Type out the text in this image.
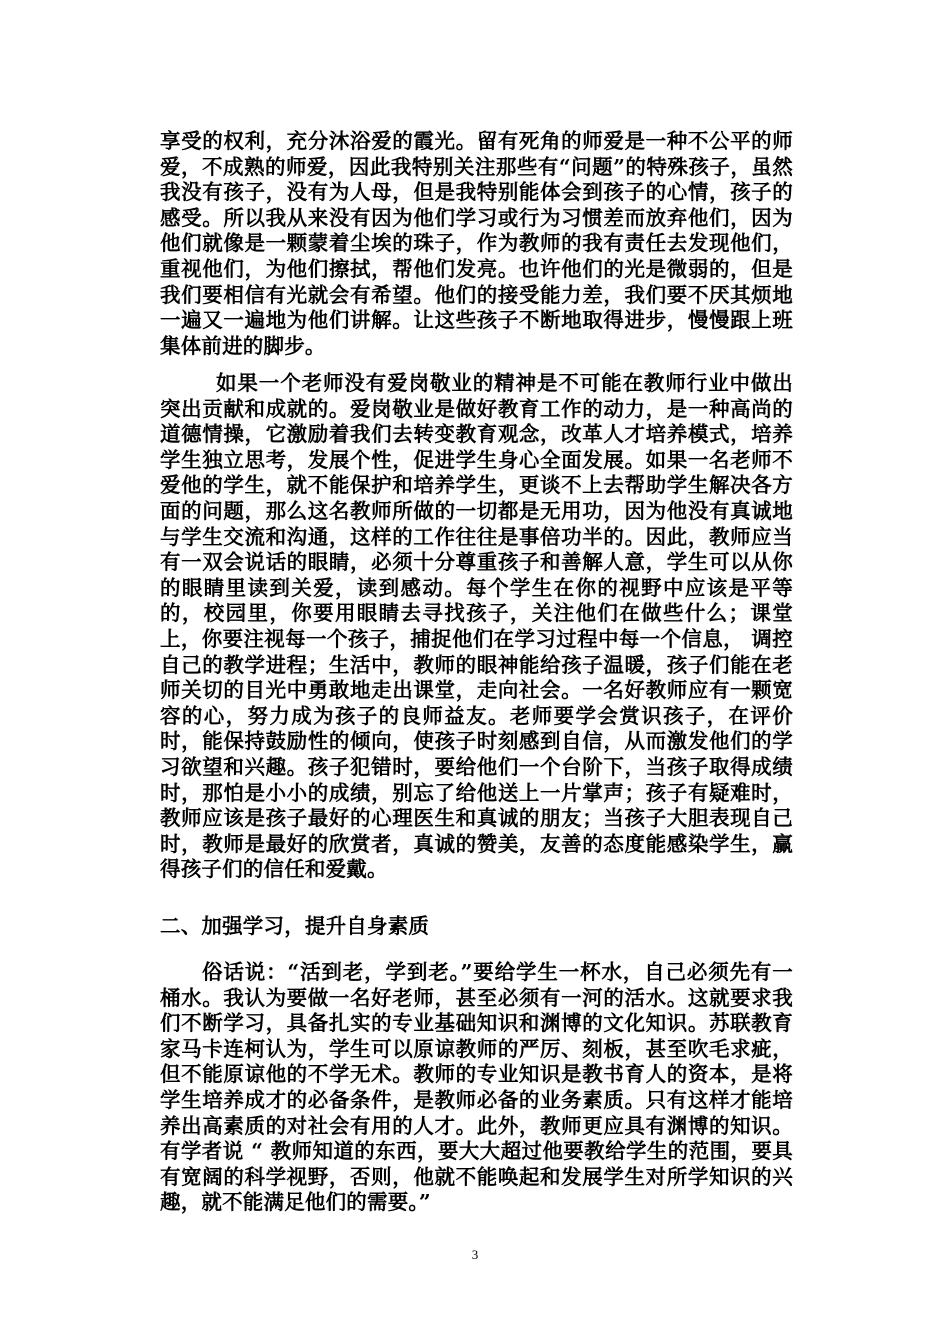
享受的权利，充分沐浴爱的霞光。留有死角的师爱是一种不公平的师爱，不成熟的师爱，因此我特别关注那些有“问题”的特殊孩子，虽然我没有孩子，没有为人母，但是我特别能体会到孩子的心情，孩子的感受。所以我从来没有因为他们学习或行为习惯差而放弃他们，因为他们就像是一颗蒙着尘埃的珠子，作为教师的我有责任去发现他们，重视他们，为他们擦拭，帮他们发亮。也许他们的光是微弱的，但是我们要相信有光就会有希望。他们的接受能力差，我们要不厌其烦地一遍又一遍地为他们讲解。让这些孩子不断地取得进步，慢慢跟上班集体前进的脚步。
如果一个老师没有爱岗敬业的精神是不可能在教师行业中做出突出贡献和成就的。爱岗敬业是做好教育工作的动力，是一种高尚的道德情操，它激励着我们去转变教育观念，改革人才培养模式，培养学生独立思考，发展个性，促进学生身心全面发展。如果一名老师不爱他的学生，就不能保护和培养学生，更谈不上去帮助学生解决各方面的问题，那么这名教师所做的一切都是无用功，因为他没有真诚地与学生交流和沟通，这样的工作往往是事倍功半的。因此，教师应当有一双会说话的眼睛，必须十分尊重孩子和善解人意，学生可以从你的眼睛里读到关爱，读到感动。每个学生在你的视野中应该是平等的，校园里，你要用眼睛去寻找孩子，关注他们在做些什么；课堂上，你要注视每一个孩子，捕捉他们在学习过程中每一个信息， 调控自己的教学进程；生活中，教师的眼神能给孩子温暖，孩子们能在老师关切的目光中勇敢地走出课堂，走向社会。一名好教师应有一颗宽容的心，努力成为孩子的良师益友。老师要学会赏识孩子，在评价时，能保持鼓励性的倾向，使孩子时刻感到自信，从而激发他们的学习欲望和兴趣。孩子犯错时，要给他们一个台阶下，当孩子取得成绩时，那怕是小小的成绩，别忘了给他送上一片掌声；孩子有疑难时，教师应该是孩子最好的心理医生和真诚的朋友；当孩子大胆表现自己时，教师是最好的欣赏者，真诚的赞美，友善的态度能感染学生，赢得孩子们的信任和爱戴。
二、加强学习，提升自身素质
俗话说：“活到老，学到老。”要给学生一杯水，自己必须先有一桶水。我认为要做一名好老师，甚至必须有一河的活水。这就要求我们不断学习，具备扎实的专业基础知识和渊博的文化知识。苏联教育家马卡连柯认为，学生可以原谅教师的严厉、刻板，甚至吹毛求疵，但不能原谅他的不学无术。教师的专业知识是教书育人的资本，是将学生培养成才的必备条件，是教师必备的业务素质。只有这样才能培养出高素质的对社会有用的人才。此外，教师更应具有渊博的知识。有学者说 “ 教师知道的东西，要大大超过他要教给学生的范围，要具有宽阔的科学视野，否则，他就不能唤起和发展学生对所学知识的兴趣，就不能满足他们的需要。”
3
